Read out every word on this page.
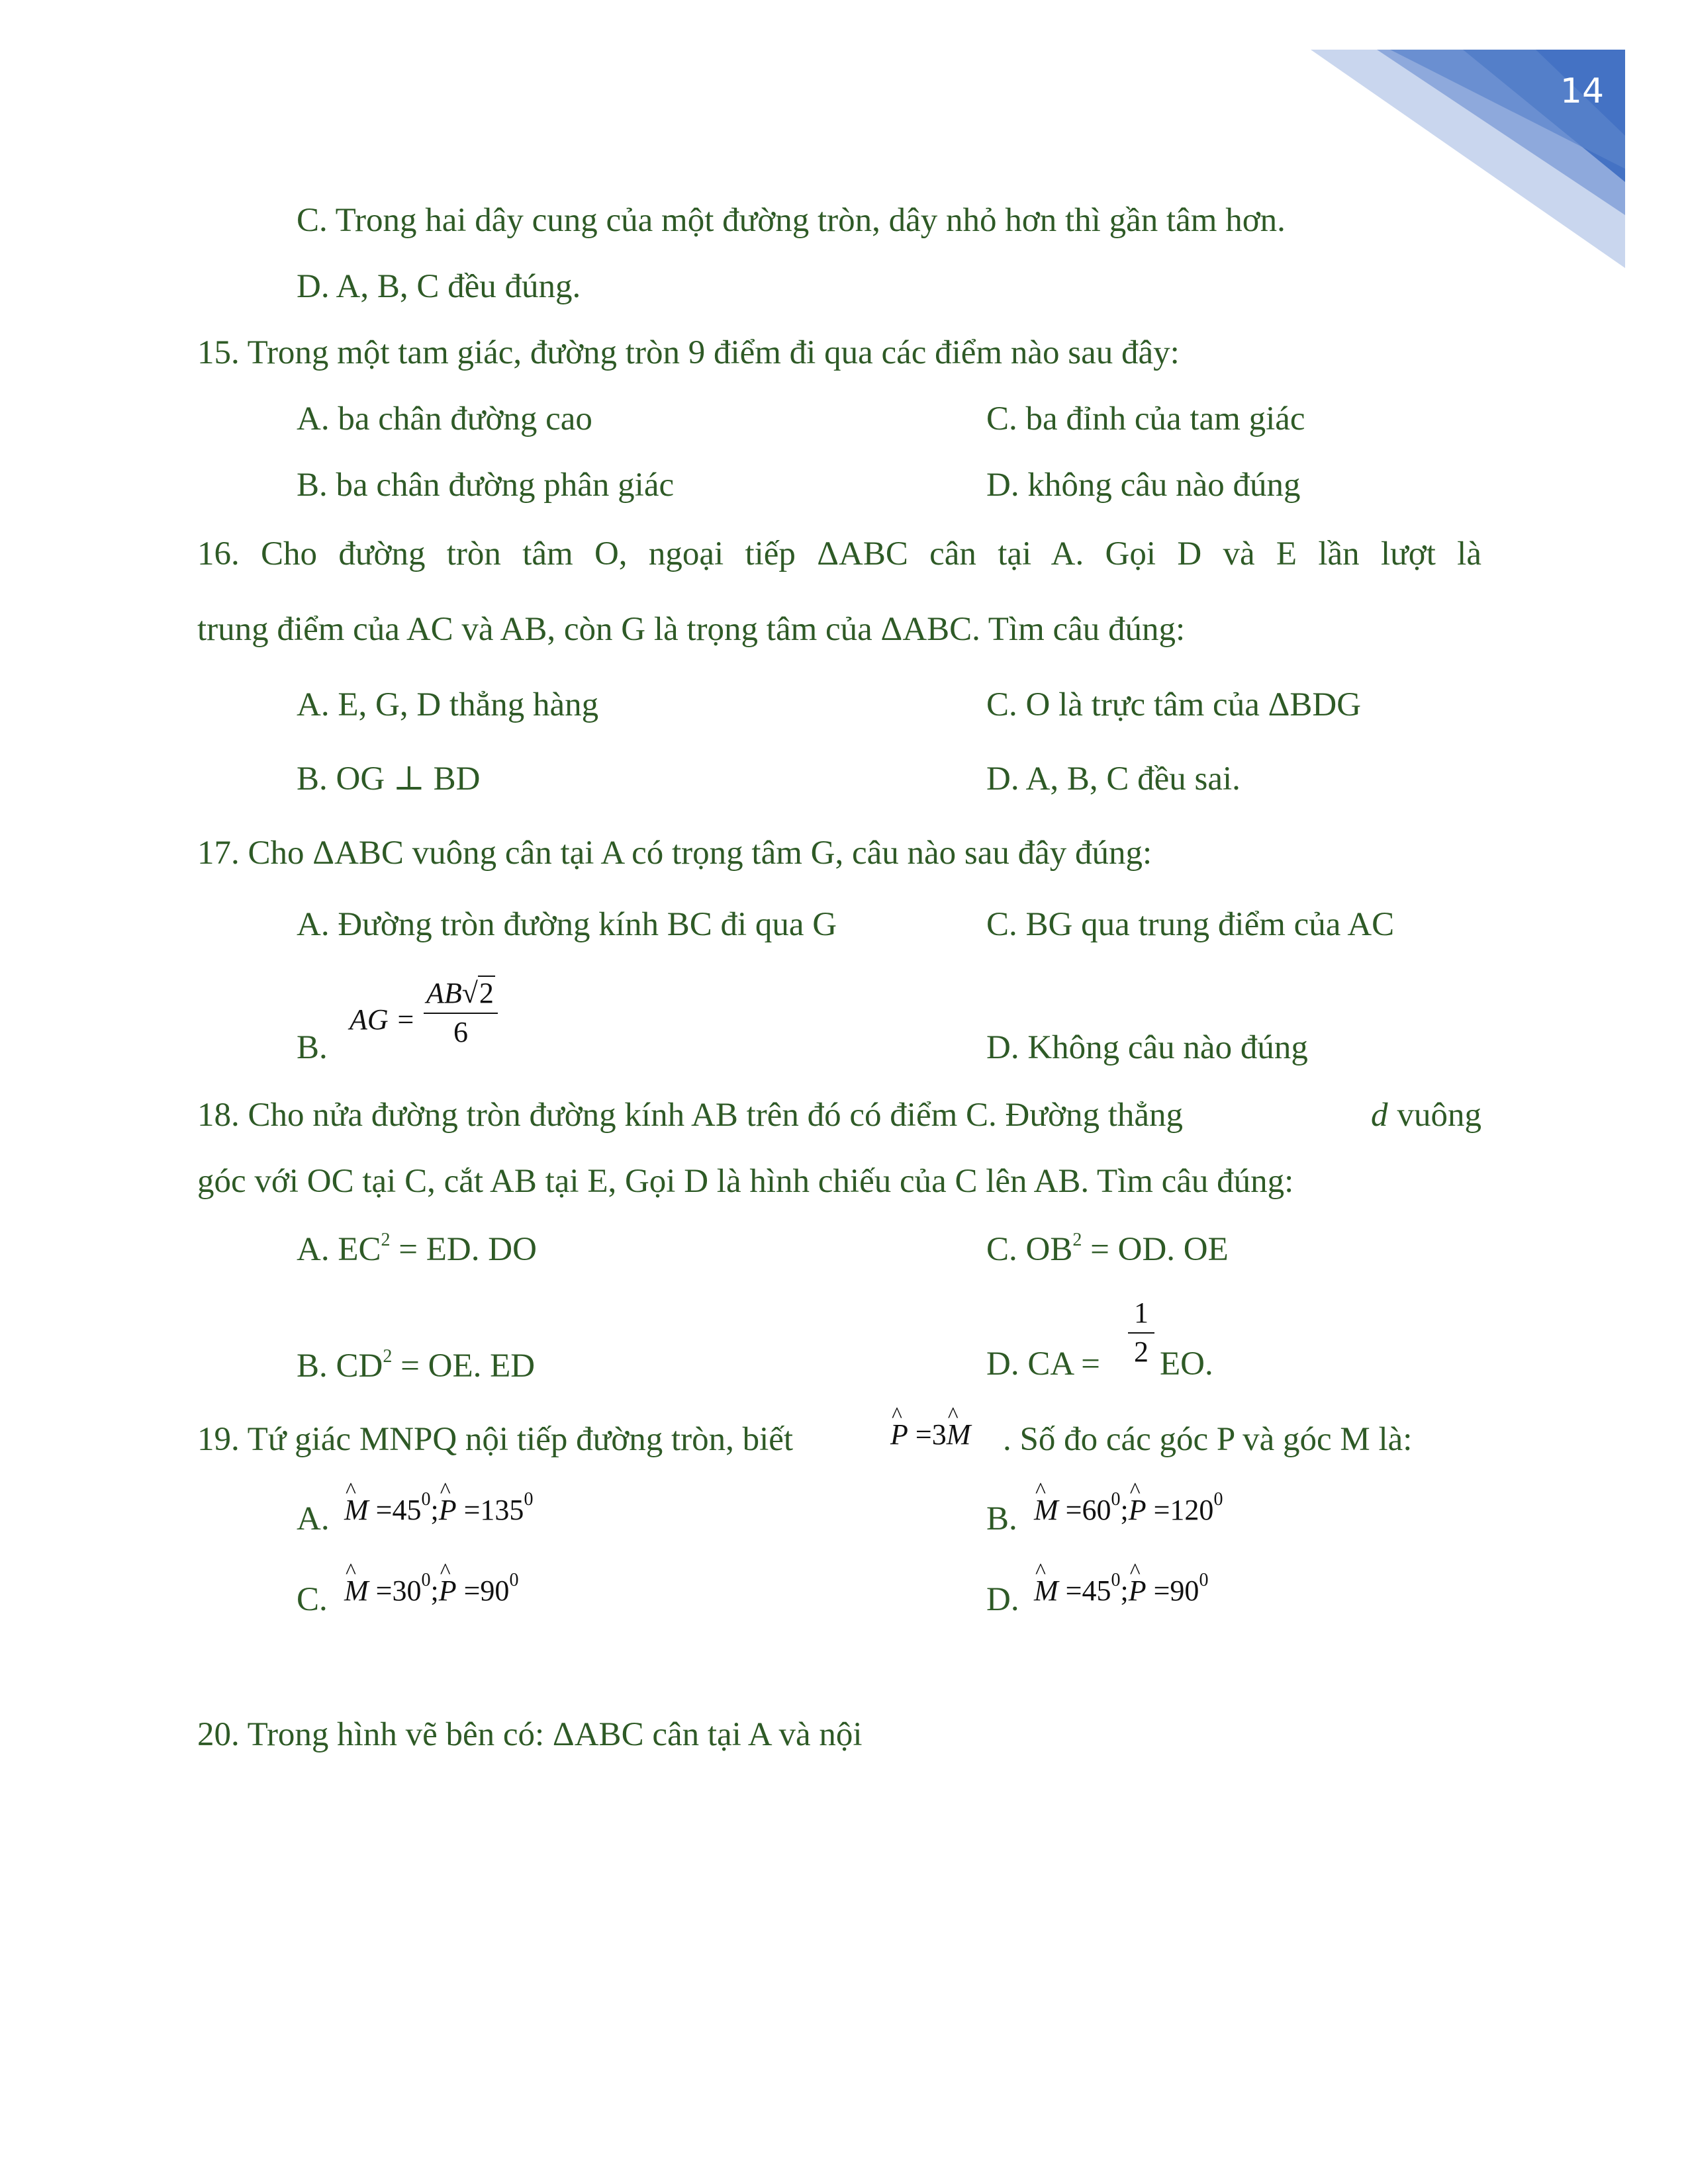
14
C. Trong hai dây cung của một đường tròn, dây nhỏ hơn thì gần tâm hơn.
D. A, B, C đều đúng.
15. Trong một tam giác, đường tròn 9 điểm đi qua các điểm nào sau đây:
A. ba chân đường cao	C. ba đỉnh của tam giác
B. ba chân đường phân giác	D. không câu nào đúng
16. Cho đường tròn tâm O, ngoại tiếp ΔABC cân tại A. Gọi D và E lần lượt là
trung điểm của AC và AB, còn G là trọng tâm của ΔABC. Tìm câu đúng:
A. E, G, D thẳng hàng	C. O là trực tâm của ΔBDG
B. OG ⊥ BD	D. A, B, C đều sai.
17. Cho ΔABC vuông cân tại A có trọng tâm G, câu nào sau đây đúng:
A. Đường tròn đường kính BC đi qua G	C. BG qua trung điểm của AC
B.
AG = $\frac{AB√2}{6}$	D. Không câu nào đúng
18. Cho nửa đường tròn đường kính AB trên đó có điểm C. Đường thẳng	d vuông
góc với OC tại C, cắt AB tại E, Gọi D là hình chiếu của C lên AB. Tìm câu đúng:
A. $EC^2$ = ED. DO	C. $OB^2$ = OD. OE
B. $CD^2$ = OE. ED	D. CA = $\frac{1}{2}$ EO.
19. Tứ giác MNPQ nội tiếp đường tròn, biết	^ P =3^ M . Số đo các góc P và góc M là:
A. ^ $M =45^0;\^{}$ $P =135^0$
B. ^ $M =60^0;\^{}$ $P =120^0$
C. ^ $M =30^0;\^{}$ $P =90^0$
D. ^ $M =45^0;\^{}$ $P =90^0$
20. Trong hình vẽ bên có: ΔABC cân tại A và nội
